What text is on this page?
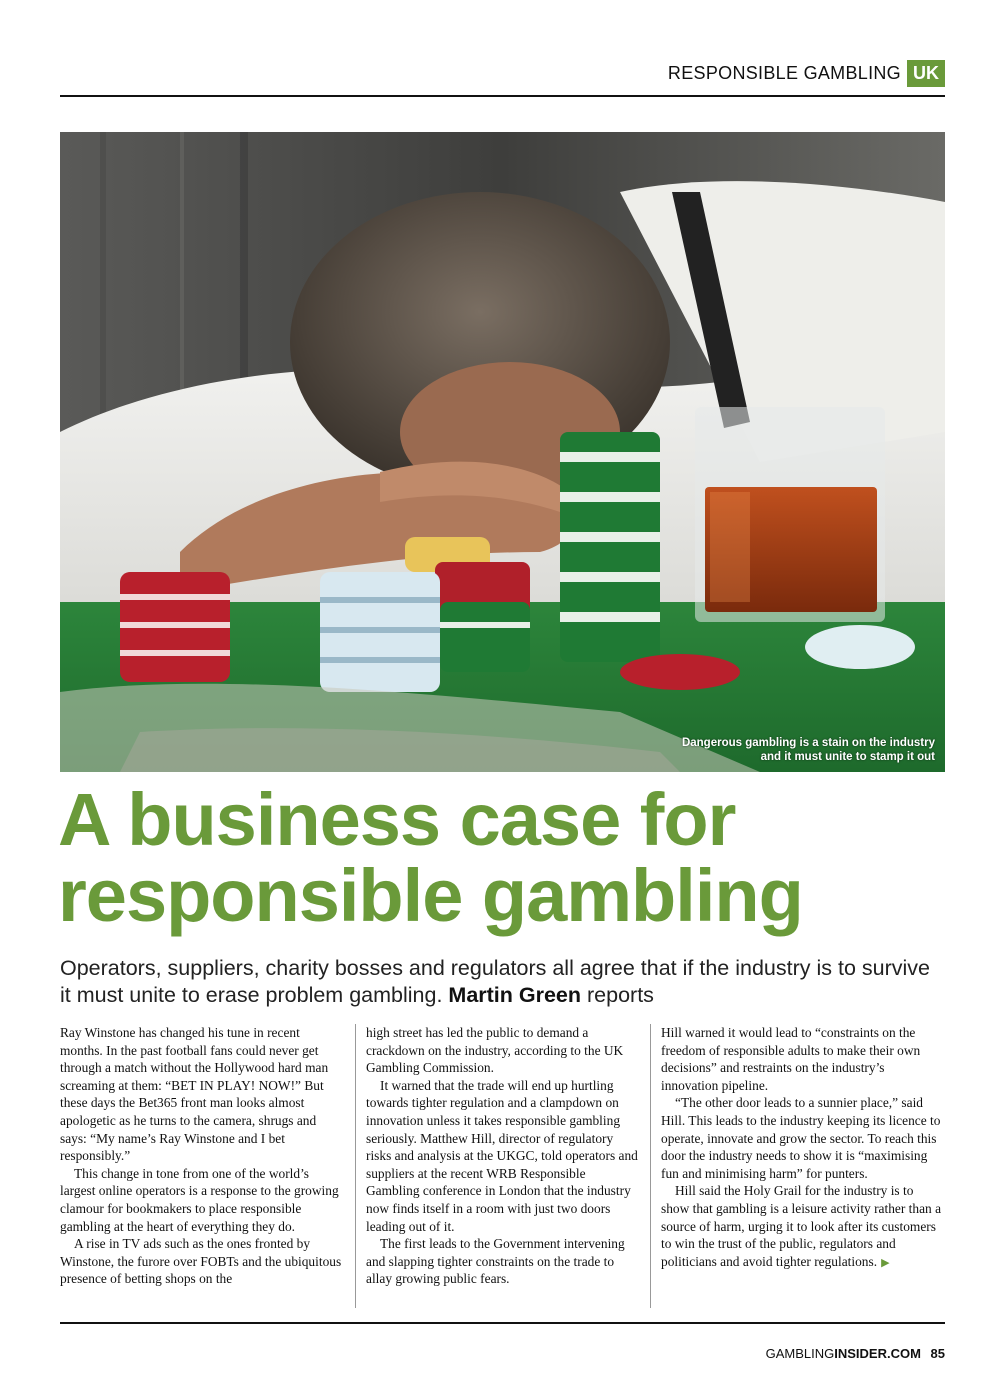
RESPONSIBLE GAMBLING UK
Dangerous gambling is a stain on the industry and it must unite to stamp it out
A business case for
responsible gambling

Operators, suppliers, charity bosses and regulators all agree that if the industry is to survive it must unite to erase problem gambling. Martin Green reports

Ray Winstone has changed his tune in recent months. In the past football fans could never get through a match without the Hollywood hard man screaming at them: “BET IN PLAY! NOW!” But these days the Bet365 front man looks almost apologetic as he turns to the camera, shrugs and says: “My name’s Ray Winstone and I bet responsibly.”

This change in tone from one of the world’s largest online operators is a response to the growing clamour for bookmakers to place responsible gambling at the heart of everything they do.

A rise in TV ads such as the ones fronted by Winstone, the furore over FOBTs and the ubiquitous presence of betting shops on the

high street has led the public to demand a crackdown on the industry, according to the UK Gambling Commission.

It warned that the trade will end up hurtling towards tighter regulation and a clampdown on innovation unless it takes responsible gambling seriously. Matthew Hill, director of regulatory risks and analysis at the UKGC, told operators and suppliers at the recent WRB Responsible Gambling conference in London that the industry now finds itself in a room with just two doors leading out of it.

The first leads to the Government intervening and slapping tighter constraints on the trade to allay growing public fears.

Hill warned it would lead to “constraints on the freedom of responsible adults to make their own decisions” and restraints on the industry’s innovation pipeline.

“The other door leads to a sunnier place,” said Hill. This leads to the industry keeping its licence to operate, innovate and grow the sector. To reach this door the industry needs to show it is “maximising fun and minimising harm” for punters.

Hill said the Holy Grail for the industry is to show that gambling is a leisure activity rather than a source of harm, urging it to look after its customers to win the trust of the public, regulators and politicians and avoid tighter regulations. ▶

GAMBLINGINSIDER.COM 85
